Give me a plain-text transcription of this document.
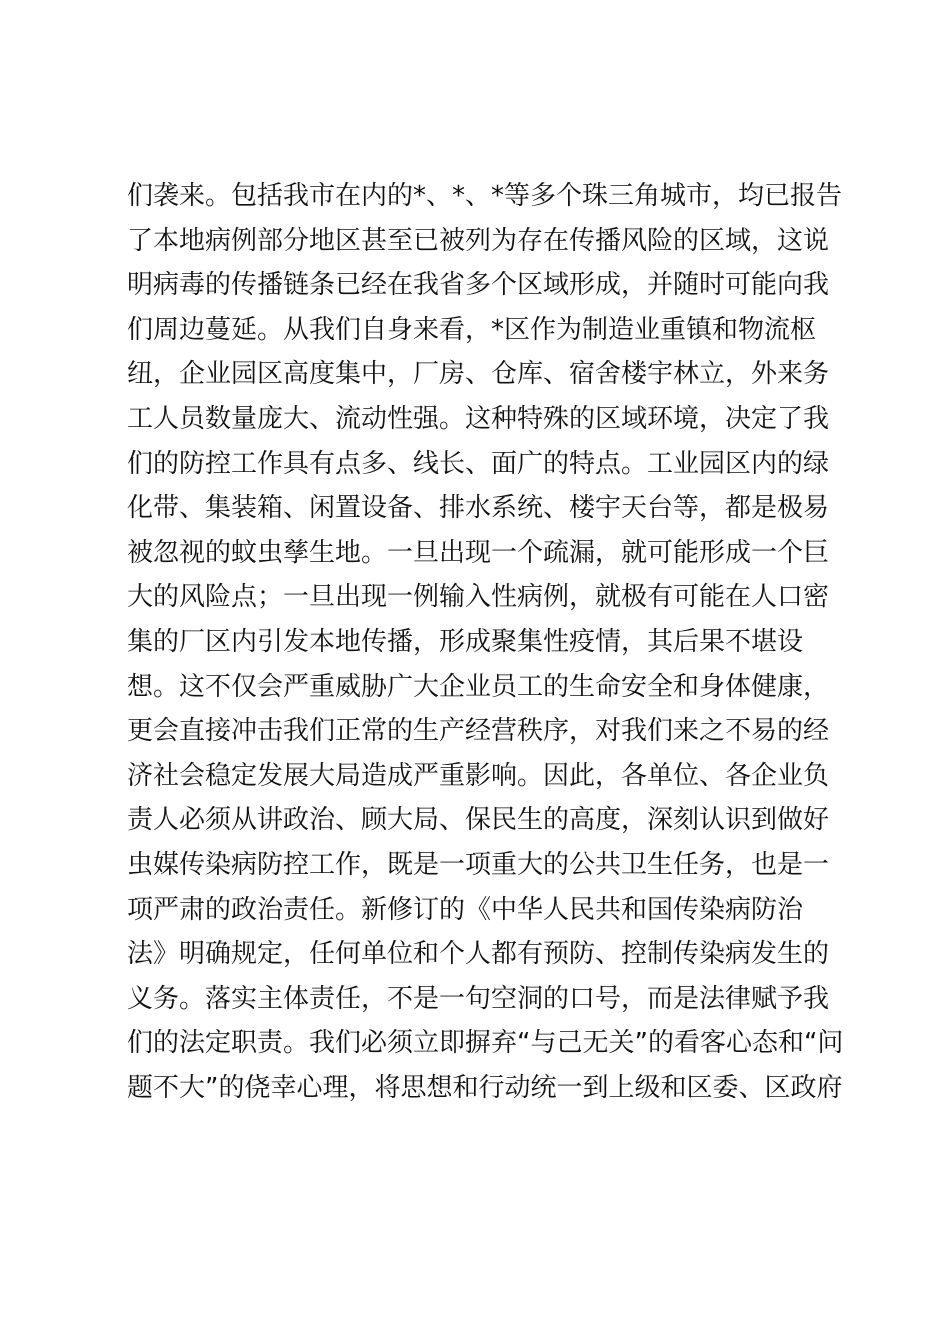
们袭来。包括我市在内的*、*、*等多个珠三角城市，均已报告
了本地病例部分地区甚至已被列为存在传播风险的区域，这说
明病毒的传播链条已经在我省多个区域形成，并随时可能向我
们周边蔓延。从我们自身来看，*区作为制造业重镇和物流枢
纽，企业园区高度集中，厂房、仓库、宿舍楼宇林立，外来务
工人员数量庞大、流动性强。这种特殊的区域环境，决定了我
们的防控工作具有点多、线长、面广的特点。工业园区内的绿
化带、集装箱、闲置设备、排水系统、楼宇天台等，都是极易
被忽视的蚊虫孳生地。一旦出现一个疏漏，就可能形成一个巨
大的风险点；一旦出现一例输入性病例，就极有可能在人口密
集的厂区内引发本地传播，形成聚集性疫情，其后果不堪设
想。这不仅会严重威胁广大企业员工的生命安全和身体健康，
更会直接冲击我们正常的生产经营秩序，对我们来之不易的经
济社会稳定发展大局造成严重影响。因此，各单位、各企业负
责人必须从讲政治、顾大局、保民生的高度，深刻认识到做好
虫媒传染病防控工作，既是一项重大的公共卫生任务，也是一
项严肃的政治责任。新修订的《中华人民共和国传染病防治
法》明确规定，任何单位和个人都有预防、控制传染病发生的
义务。落实主体责任，不是一句空洞的口号，而是法律赋予我
们的法定职责。我们必须立即摒弃“与己无关”的看客心态和“问
题不大”的侥幸心理，将思想和行动统一到上级和区委、区政府
